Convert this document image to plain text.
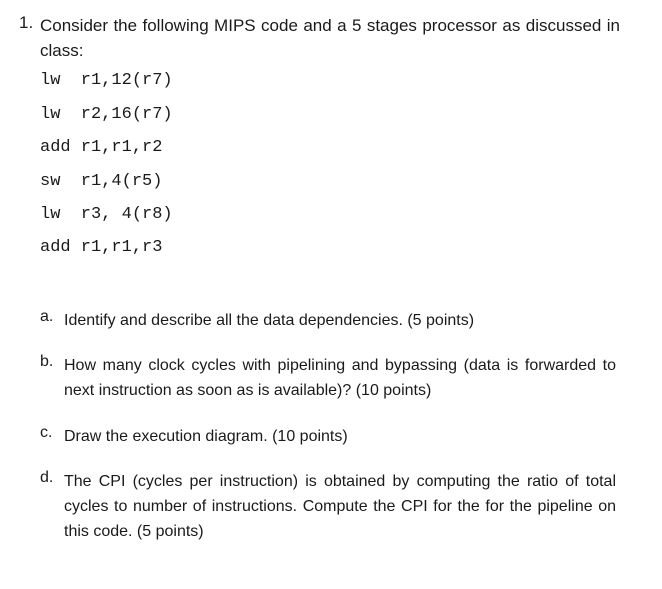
1. Consider the following MIPS code and a 5 stages processor as discussed in class:
lw  r1,12(r7)
lw  r2,16(r7)
add r1,r1,r2
sw  r1,4(r5)
lw  r3, 4(r8)
add r1,r1,r3
a. Identify and describe all the data dependencies. (5 points)
b. How many clock cycles with pipelining and bypassing (data is forwarded to next instruction as soon as is available)? (10 points)
c. Draw the execution diagram. (10 points)
d. The CPI (cycles per instruction) is obtained by computing the ratio of total cycles to number of instructions. Compute the CPI for the for the pipeline on this code. (5 points)
